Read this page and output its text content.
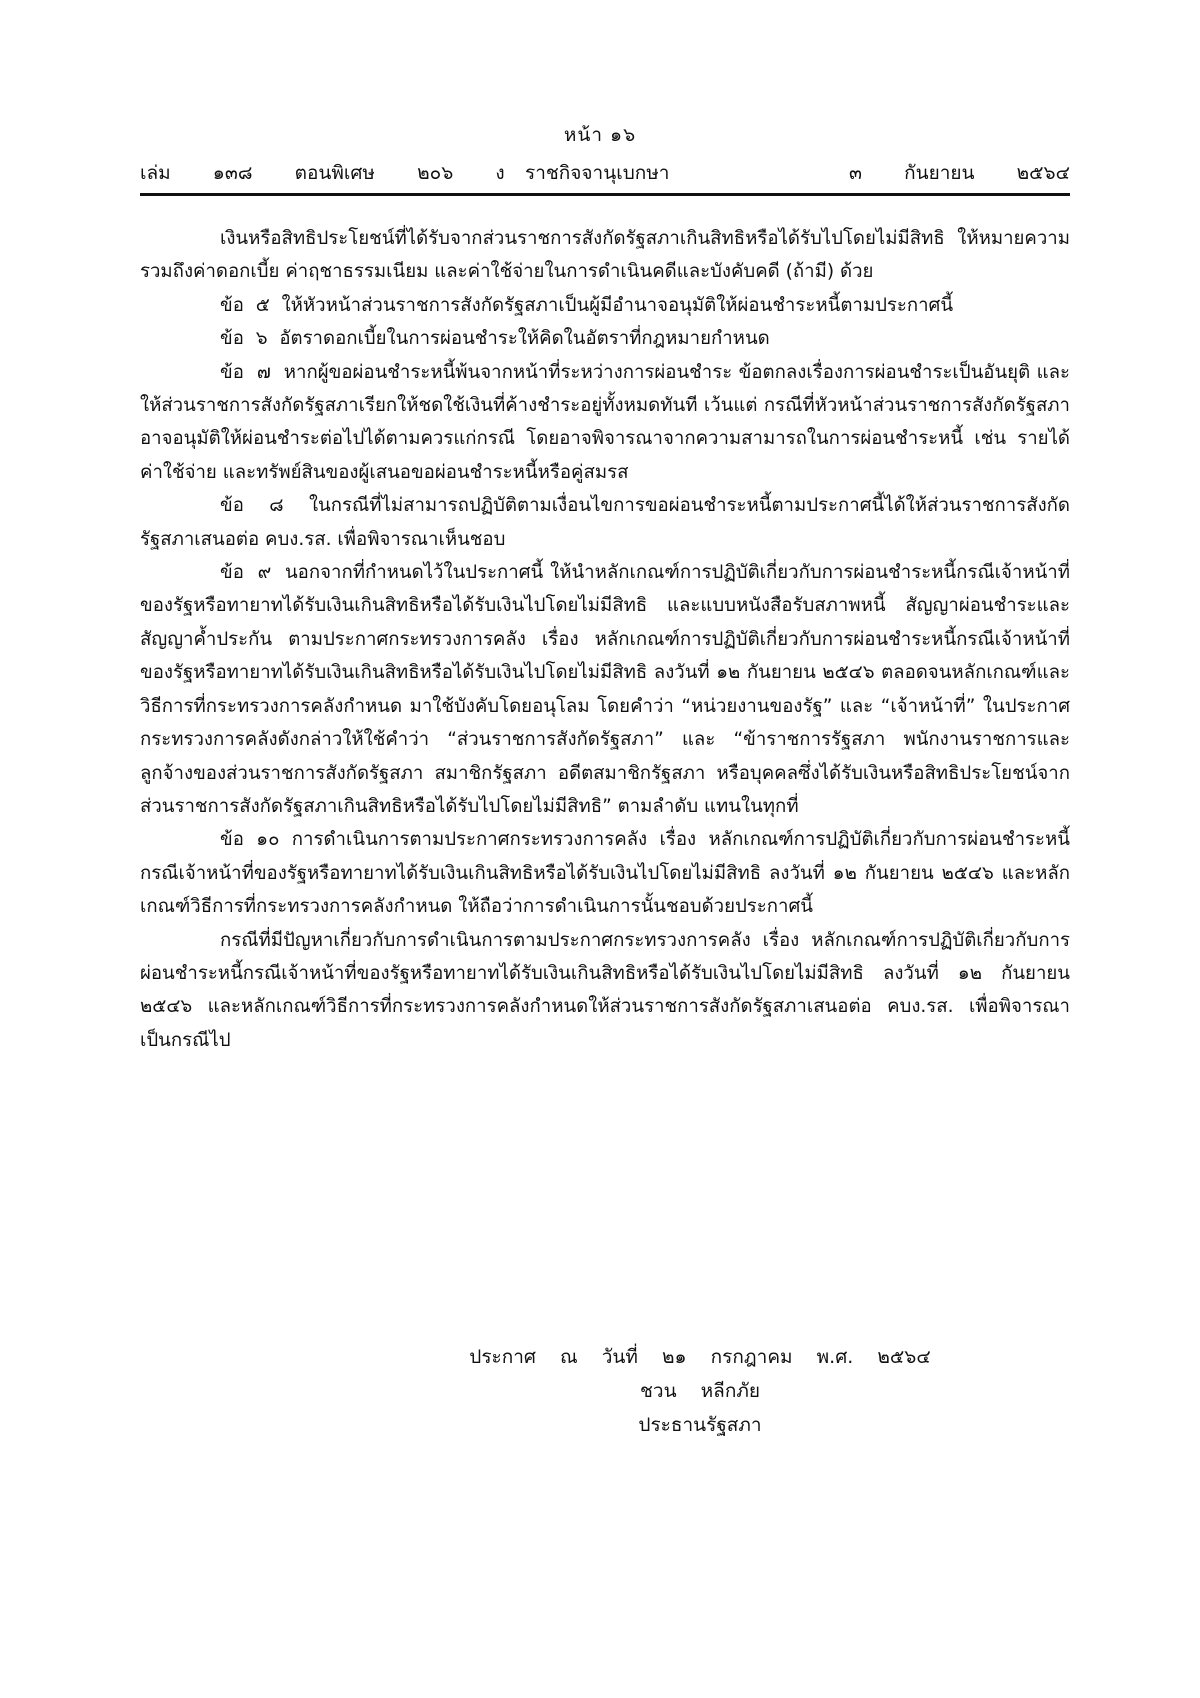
หน้า ๑๖
เล่ม   ๑๓๘   ตอนพิเศษ   ๒๐๖   ง ราชกิจจานุเบกษา	๓   กันยายน   ๒๕๖๔

เงินหรือสิทธิประโยชน์ที่ได้รับจากส่วนราชการสังกัดรัฐสภาเกินสิทธิหรือได้รับไปโดยไม่มีสิทธิ ให้หมายความรวมถึงค่าดอกเบี้ย ค่าฤชาธรรมเนียม และค่าใช้จ่ายในการดำเนินคดีและบังคับคดี (ถ้ามี) ด้วย

ข้อ  ๕  ให้หัวหน้าส่วนราชการสังกัดรัฐสภาเป็นผู้มีอำนาจอนุมัติให้ผ่อนชำระหนี้ตามประกาศนี้

ข้อ  ๖  อัตราดอกเบี้ยในการผ่อนชำระให้คิดในอัตราที่กฎหมายกำหนด

ข้อ  ๗  หากผู้ขอผ่อนชำระหนี้พ้นจากหน้าที่ระหว่างการผ่อนชำระ ข้อตกลงเรื่องการผ่อนชำระเป็นอันยุติ และให้ส่วนราชการสังกัดรัฐสภาเรียกให้ชดใช้เงินที่ค้างชำระอยู่ทั้งหมดทันที เว้นแต่ กรณีที่หัวหน้าส่วนราชการสังกัดรัฐสภาอาจอนุมัติให้ผ่อนชำระต่อไปได้ตามควรแก่กรณี โดยอาจพิจารณาจากความสามารถในการผ่อนชำระหนี้ เช่น รายได้ ค่าใช้จ่าย และทรัพย์สินของผู้เสนอขอผ่อนชำระหนี้หรือคู่สมรส

ข้อ  ๘  ในกรณีที่ไม่สามารถปฏิบัติตามเงื่อนไขการขอผ่อนชำระหนี้ตามประกาศนี้ได้ให้ส่วนราชการสังกัดรัฐสภาเสนอต่อ คบง.รส. เพื่อพิจารณาเห็นชอบ

ข้อ  ๙  นอกจากที่กำหนดไว้ในประกาศนี้ ให้นำหลักเกณฑ์การปฏิบัติเกี่ยวกับการผ่อนชำระหนี้กรณีเจ้าหน้าที่ของรัฐหรือทายาทได้รับเงินเกินสิทธิหรือได้รับเงินไปโดยไม่มีสิทธิ และแบบหนังสือรับสภาพหนี้ สัญญาผ่อนชำระและสัญญาค้ำประกัน ตามประกาศกระทรวงการคลัง เรื่อง หลักเกณฑ์การปฏิบัติเกี่ยวกับการผ่อนชำระหนี้กรณีเจ้าหน้าที่ของรัฐหรือทายาทได้รับเงินเกินสิทธิหรือได้รับเงินไปโดยไม่มีสิทธิ ลงวันที่ ๑๒ กันยายน ๒๕๔๖ ตลอดจนหลักเกณฑ์และวิธีการที่กระทรวงการคลังกำหนด มาใช้บังคับโดยอนุโลม โดยคำว่า “หน่วยงานของรัฐ” และ “เจ้าหน้าที่” ในประกาศกระทรวงการคลังดังกล่าวให้ใช้คำว่า “ส่วนราชการสังกัดรัฐสภา” และ “ข้าราชการรัฐสภา พนักงานราชการและลูกจ้างของส่วนราชการสังกัดรัฐสภา สมาชิกรัฐสภา อดีตสมาชิกรัฐสภา หรือบุคคลซึ่งได้รับเงินหรือสิทธิประโยชน์จากส่วนราชการสังกัดรัฐสภาเกินสิทธิหรือได้รับไปโดยไม่มีสิทธิ” ตามลำดับ แทนในทุกที่

ข้อ ๑๐ การดำเนินการตามประกาศกระทรวงการคลัง เรื่อง หลักเกณฑ์การปฏิบัติเกี่ยวกับการผ่อนชำระหนี้กรณีเจ้าหน้าที่ของรัฐหรือทายาทได้รับเงินเกินสิทธิหรือได้รับเงินไปโดยไม่มีสิทธิ ลงวันที่ ๑๒ กันยายน ๒๕๔๖ และหลักเกณฑ์วิธีการที่กระทรวงการคลังกำหนด ให้ถือว่าการดำเนินการนั้นชอบด้วยประกาศนี้

กรณีที่มีปัญหาเกี่ยวกับการดำเนินการตามประกาศกระทรวงการคลัง เรื่อง หลักเกณฑ์การปฏิบัติเกี่ยวกับการผ่อนชำระหนี้กรณีเจ้าหน้าที่ของรัฐหรือทายาทได้รับเงินเกินสิทธิหรือได้รับเงินไปโดยไม่มีสิทธิ ลงวันที่ ๑๒ กันยายน ๒๕๔๖ และหลักเกณฑ์วิธีการที่กระทรวงการคลังกำหนดให้ส่วนราชการสังกัดรัฐสภาเสนอต่อ คบง.รส. เพื่อพิจารณาเป็นกรณีไป

ประกาศ  ณ  วันที่  ๒๑  กรกฎาคม  พ.ศ.  ๒๕๖๔
ชวน  หลีกภัย
ประธานรัฐสภา
